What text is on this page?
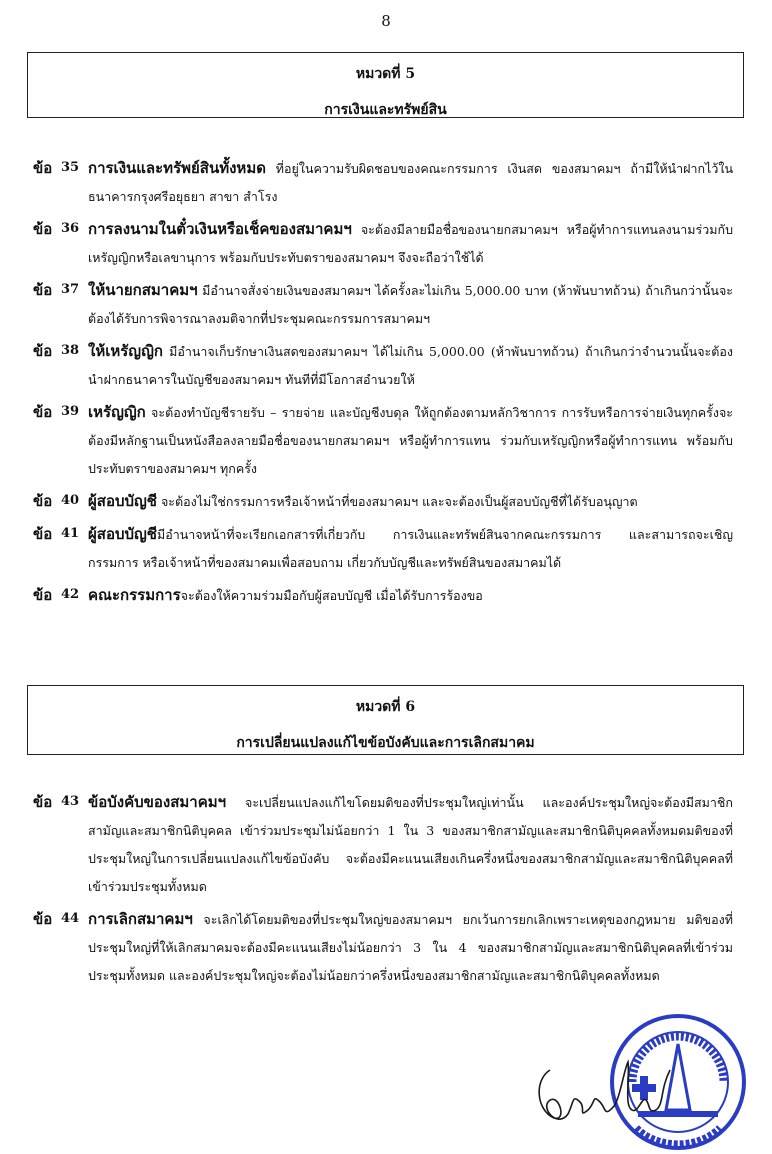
8
หมวดที่ 5
การเงินและทรัพย์สิน
ข้อ 35 การเงินและทรัพย์สินทั้งหมด ที่อยู่ในความรับผิดชอบของคณะกรรมการ เงินสด ของสมาคมฯ ถ้ามีให้นำฝากไว้ในธนาคารกรุงศรีอยุธยา สาขา สำโรง
ข้อ 36 การลงนามในตั๋วเงินหรือเช็คของสมาคมฯ จะต้องมีลายมือชื่อของนายกสมาคมฯ หรือผู้ทำการแทนลงนามร่วมกับเหรัญญิกหรือเลขานุการ พร้อมกับประทับตราของสมาคมฯ จึงจะถือว่าใช้ได้
ข้อ 37 ให้นายกสมาคมฯ มีอำนาจสั่งจ่ายเงินของสมาคมฯ ได้ครั้งละไม่เกิน 5,000.00 บาท (ห้าพันบาทถ้วน) ถ้าเกินกว่านั้นจะต้องได้รับการพิจารณาลงมติจากที่ประชุมคณะกรรมการสมาคมฯ
ข้อ 38 ให้เหรัญญิก มีอำนาจเก็บรักษาเงินสดของสมาคมฯ ได้ไม่เกิน 5,000.00 (ห้าพันบาทถ้วน) ถ้าเกินกว่าจำนวนนั้นจะต้องนำฝากธนาคารในบัญชีของสมาคมฯ ทันทีที่มีโอกาสอำนวยให้
ข้อ 39 เหรัญญิก จะต้องทำบัญชีรายรับ – รายจ่าย และบัญชีงบดุล ให้ถูกต้องตามหลักวิชาการ การรับหรือการจ่ายเงินทุกครั้งจะต้องมีหลักฐานเป็นหนังสือลงลายมือชื่อของนายกสมาคมฯ หรือผู้ทำการแทน ร่วมกับเหรัญญิกหรือผู้ทำการแทน พร้อมกับประทับตราของสมาคมฯ ทุกครั้ง
ข้อ 40 ผู้สอบบัญชี จะต้องไม่ใช่กรรมการหรือเจ้าหน้าที่ของสมาคมฯ และจะต้องเป็นผู้สอบบัญชีที่ได้รับอนุญาต
ข้อ 41 ผู้สอบบัญชีมีอำนาจหน้าที่จะเรียกเอกสารที่เกี่ยวกับ การเงินและทรัพย์สินจากคณะกรรมการ และสามารถจะเชิญกรรมการ หรือเจ้าหน้าที่ของสมาคมเพื่อสอบถาม เกี่ยวกับบัญชีและทรัพย์สินของสมาคมได้
ข้อ 42 คณะกรรมการจะต้องให้ความร่วมมือกับผู้สอบบัญชี เมื่อได้รับการร้องขอ
หมวดที่ 6
การเปลี่ยนแปลงแก้ไขข้อบังคับและการเลิกสมาคม
ข้อ 43 ข้อบังคับของสมาคมฯ จะเปลี่ยนแปลงแก้ไขโดยมติของที่ประชุมใหญ่เท่านั้น และองค์ประชุมใหญ่จะต้องมีสมาชิกสามัญและสมาชิกนิติบุคคล เข้าร่วมประชุมไม่น้อยกว่า 1 ใน 3 ของสมาชิกสามัญและสมาชิกนิติบุคคลทั้งหมดมติของที่ประชุมใหญ่ในการเปลี่ยนแปลงแก้ไขข้อบังคับ จะต้องมีคะแนนเสียงเกินครึ่งหนึ่งของสมาชิกสามัญและสมาชิกนิติบุคคลที่เข้าร่วมประชุมทั้งหมด
ข้อ 44 การเลิกสมาคมฯ จะเลิกได้โดยมติของที่ประชุมใหญ่ของสมาคมฯ ยกเว้นการยกเลิกเพราะเหตุของกฎหมาย มติของที่ประชุมใหญ่ที่ให้เลิกสมาคมจะต้องมีคะแนนเสียงไม่น้อยกว่า 3 ใน 4 ของสมาชิกสามัญและสมาชิกนิติบุคคลที่เข้าร่วมประชุมทั้งหมด และองค์ประชุมใหญ่จะต้องไม่น้อยกว่าครึ่งหนึ่งของสมาชิกสามัญและสมาชิกนิติบุคคลทั้งหมด
